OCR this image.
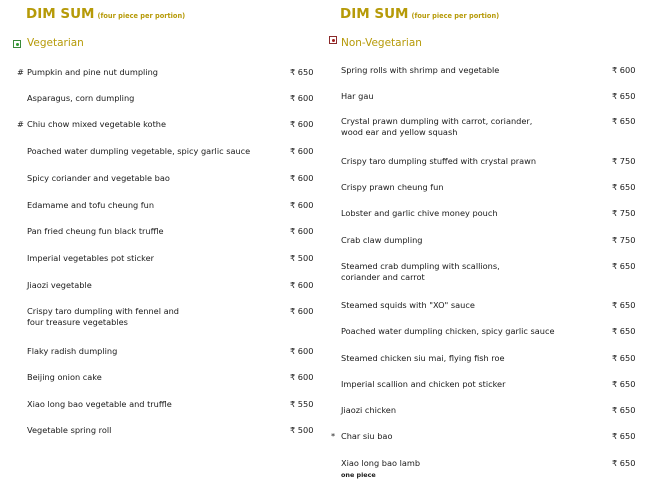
DIM SUM (four piece per portion)
Vegetarian
# Pumpkin and pine nut dumpling	₹ 650
Asparagus, corn dumpling	₹ 600
# Chiu chow mixed vegetable kothe	₹ 600
Poached water dumpling vegetable, spicy garlic sauce	₹ 600
Spicy coriander and vegetable bao	₹ 600
Edamame and tofu cheung fun	₹ 600
Pan fried cheung fun black truffle	₹ 600
Imperial vegetables pot sticker	₹ 500
Jiaozi vegetable	₹ 600
Crispy taro dumpling with fennel and
four treasure vegetables
₹ 600
Flaky radish dumpling	₹ 600
Beijing onion cake	₹ 600
Xiao long bao vegetable and truffle	₹ 550
Vegetable spring roll	₹ 500
DIM SUM (four piece per portion)
Non-Vegetarian
Spring rolls with shrimp and vegetable	₹ 600
Har gau	₹ 650
Crystal prawn dumpling with carrot, coriander,
wood ear and yellow squash
₹ 650
Crispy taro dumpling stuffed with crystal prawn	₹ 750
Crispy prawn cheung fun	₹ 650
Lobster and garlic chive money pouch	₹ 750
Crab claw dumpling	₹ 750
Steamed crab dumpling with scallions,
coriander and carrot
₹ 650
Steamed squids with "XO" sauce	₹ 650
Poached water dumpling chicken, spicy garlic sauce	₹ 650
Steamed chicken siu mai, flying fish roe	₹ 650
Imperial scallion and chicken pot sticker	₹ 650
Jiaozi chicken	₹ 650
* Char siu bao	₹ 650
Xiao long bao lamb
one piece
₹ 650
